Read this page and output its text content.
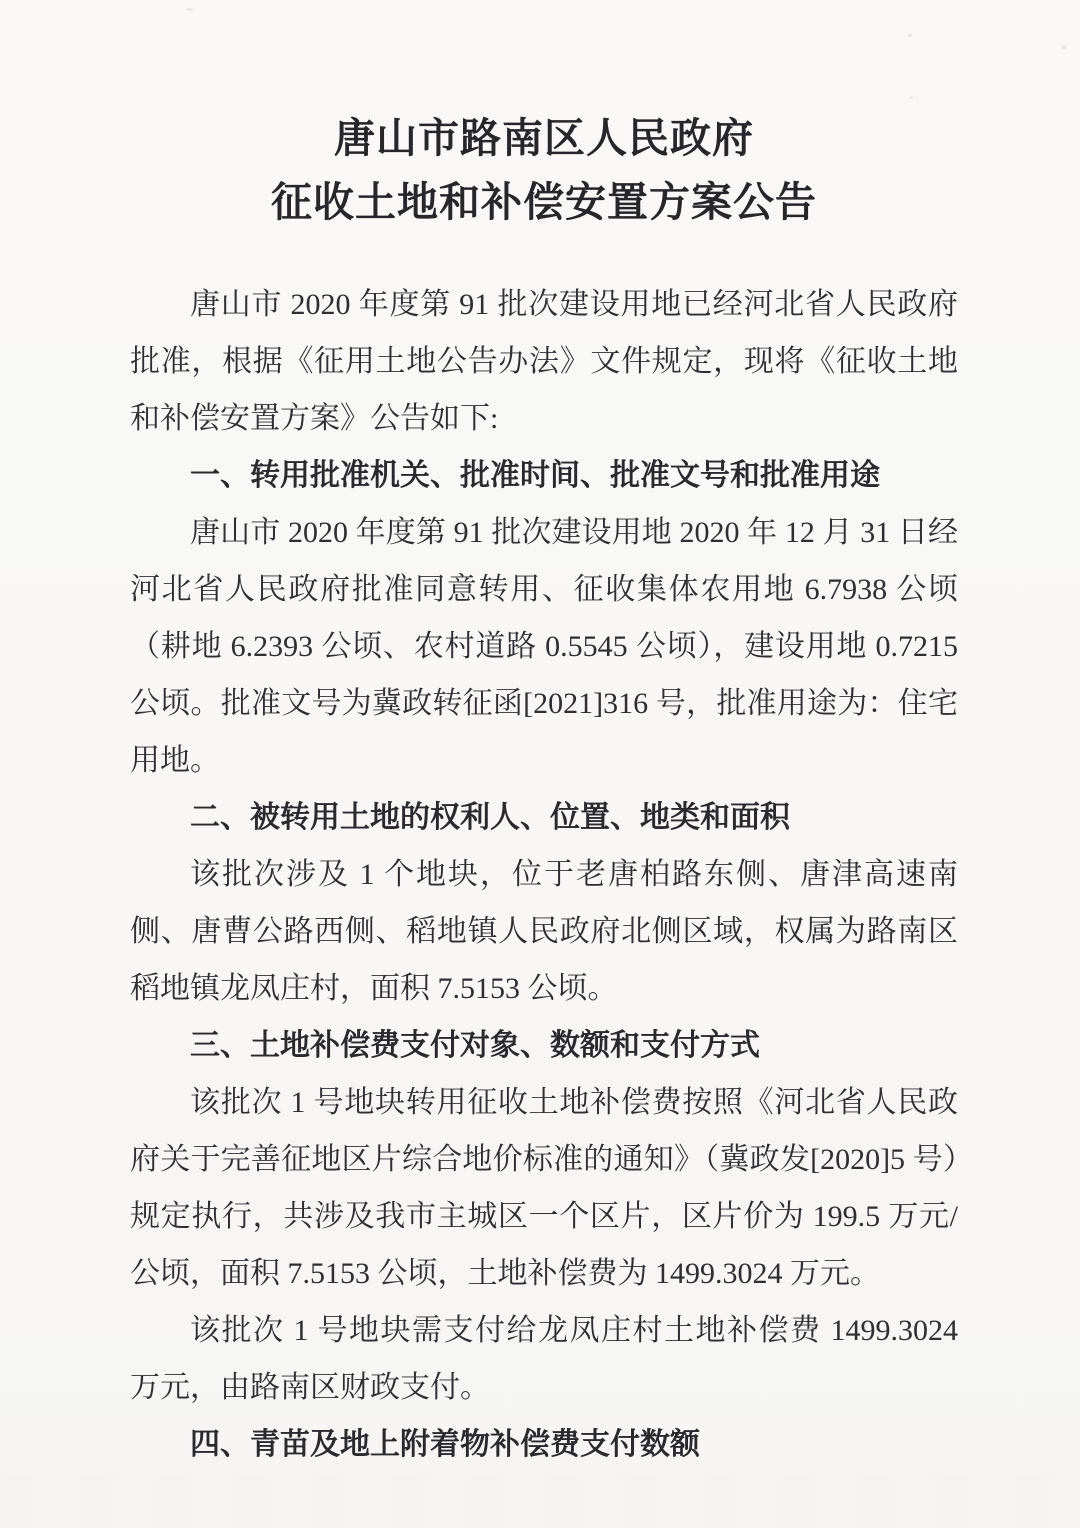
唐山市路南区人民政府
征收土地和补偿安置方案公告

唐山市 2020 年度第 91 批次建设用地已经河北省人民政府批准，根据《征用土地公告办法》文件规定，现将《征收土地和补偿安置方案》公告如下:

一、转用批准机关、批准时间、批准文号和批准用途

唐山市 2020 年度第 91 批次建设用地 2020 年 12 月 31 日经河北省人民政府批准同意转用、征收集体农用地 6.7938 公顷（耕地 6.2393 公顷、农村道路 0.5545 公顷），建设用地 0.7215 公顷。批准文号为冀政转征函[2021]316 号，批准用途为：住宅用地。

二、被转用土地的权利人、位置、地类和面积

该批次涉及 1 个地块，位于老唐柏路东侧、唐津高速南侧、唐曹公路西侧、稻地镇人民政府北侧区域，权属为路南区稻地镇龙凤庄村，面积 7.5153 公顷。

三、土地补偿费支付对象、数额和支付方式

该批次 1 号地块转用征收土地补偿费按照《河北省人民政府关于完善征地区片综合地价标准的通知》（冀政发[2020]5 号）规定执行，共涉及我市主城区一个区片，区片价为 199.5 万元/公顷，面积 7.5153 公顷，土地补偿费为 1499.3024 万元。

该批次 1 号地块需支付给龙凤庄村土地补偿费 1499.3024 万元，由路南区财政支付。

四、青苗及地上附着物补偿费支付数额
